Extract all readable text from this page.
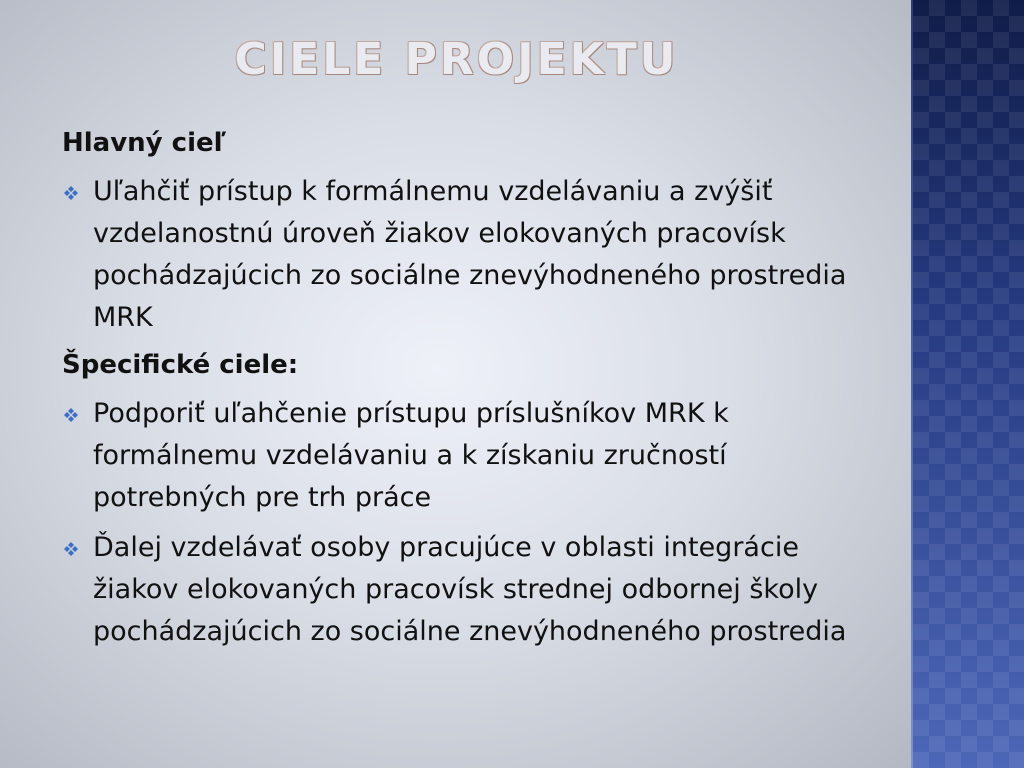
CIELE PROJEKTU

Hlavný cieľ

Uľahčiť prístup k formálnemu vzdelávaniu a zvýšiť vzdelanostnú úroveň žiakov elokovaných pracovísk pochádzajúcich zo sociálne znevýhodneného prostredia MRK

Špecifické ciele:

Podporiť uľahčenie prístupu príslušníkov MRK k formálnemu vzdelávaniu a k získaniu zručností potrebných pre trh práce
Ďalej vzdelávať osoby pracujúce v oblasti integrácie žiakov elokovaných pracovísk strednej odbornej školy pochádzajúcich zo sociálne znevýhodneného prostredia
